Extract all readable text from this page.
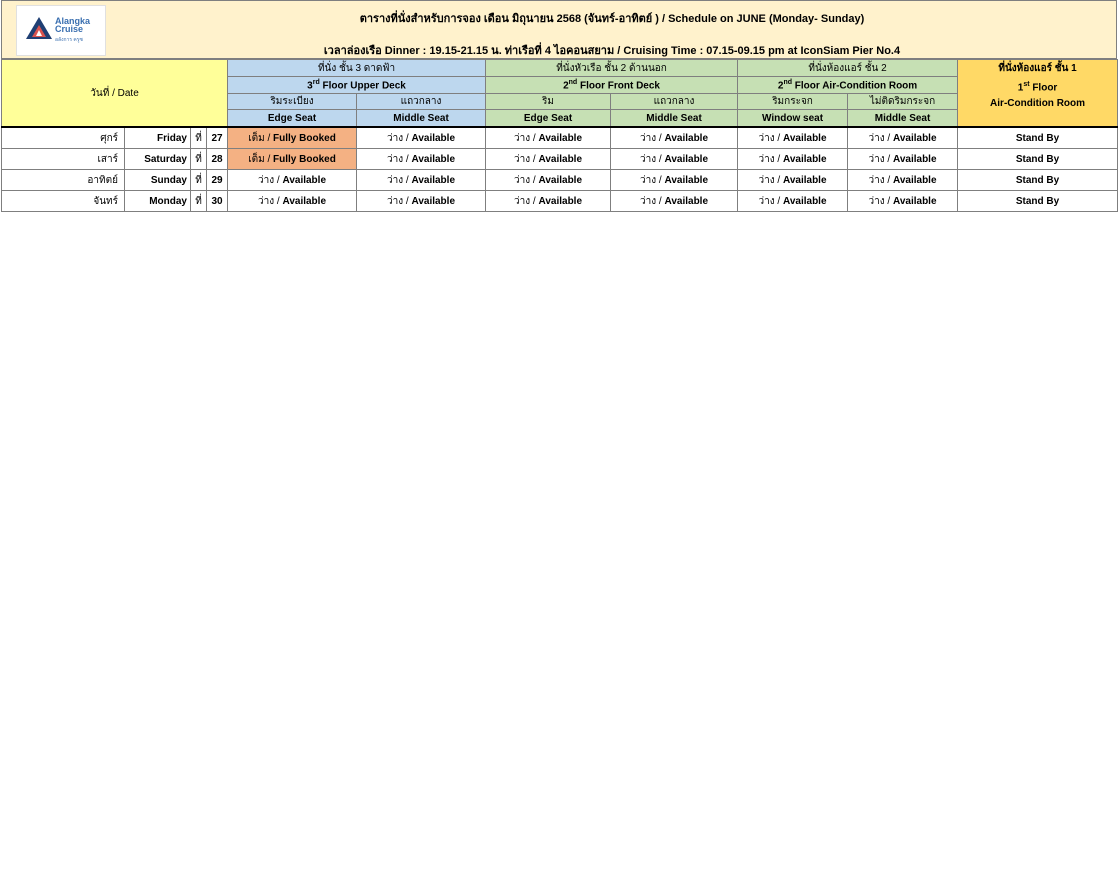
Alangka
Cruise
อลังการ ครูซ
ตารางที่นั่งสำหรับการจอง เดือน มิถุนายน 2568 (จันทร์-อาทิตย์ ) / Schedule on JUNE (Monday- Sunday)
เวลาล่องเรือ Dinner : 19.15-21.15 น. ท่าเรือที่ 4 ไอคอนสยาม / Cruising Time : 07.15-09.15 pm at IconSiam Pier No.4
วันที่ / Date				ที่นั่ง ชั้น 3 ดาดฟ้า		ที่นั่งหัวเรือ ชั้น 2 ด้านนอก		ที่นั่งห้องแอร์ ชั้น 2		ที่นั่งห้องแอร์ ชั้น 1
1st Floor
Air-Condition Room

				3rd Floor Upper Deck		2nd Floor Front Deck		2nd Floor Air-Condition Room		
				ริมระเบียง	แถวกลาง	ริม	แถวกลาง	ริมกระจก	ไม่ติดริมกระจก	
				Edge Seat	Middle Seat	Edge Seat	Middle Seat	Window seat	Middle Seat	
ศุกร์	Friday	ที่	27	เต็ม / Fully Booked	ว่าง / Available	ว่าง / Available	ว่าง / Available	ว่าง / Available	ว่าง / Available	Stand By
เสาร์	Saturday	ที่	28	เต็ม / Fully Booked	ว่าง / Available	ว่าง / Available	ว่าง / Available	ว่าง / Available	ว่าง / Available	Stand By
อาทิตย์	Sunday	ที่	29	ว่าง / Available	ว่าง / Available	ว่าง / Available	ว่าง / Available	ว่าง / Available	ว่าง / Available	Stand By
จันทร์	Monday	ที่	30	ว่าง / Available	ว่าง / Available	ว่าง / Available	ว่าง / Available	ว่าง / Available	ว่าง / Available	Stand By
